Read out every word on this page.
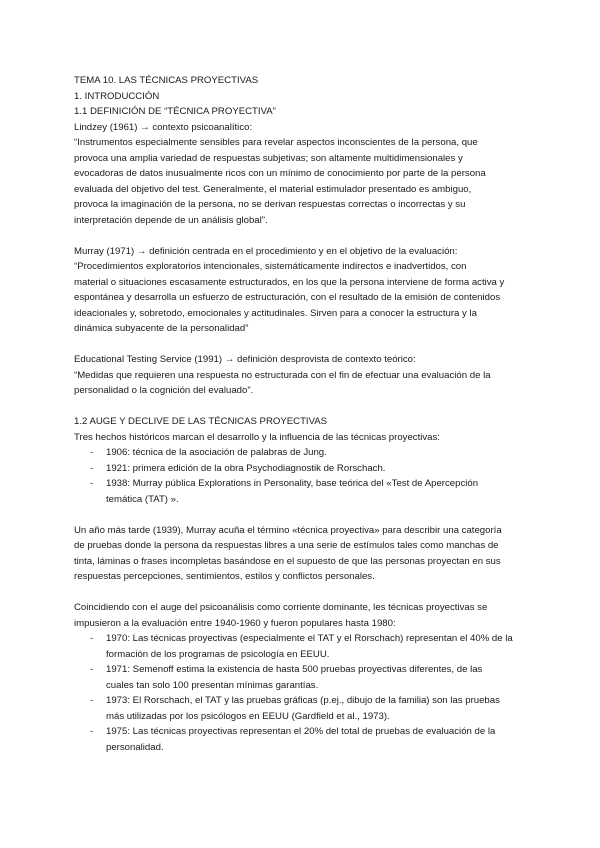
TEMA 10. LAS TÉCNICAS PROYECTIVAS
1. INTRODUCCIÓN
1.1 DEFINICIÓN DE “TÉCNICA PROYECTIVA”
Lindzey (1961) → contexto psicoanalítico:
“Instrumentos especialmente sensibles para revelar aspectos inconscientes de la persona, que
provoca una amplia variedad de respuestas subjetivas; son altamente multidimensionales y
evocadoras de datos inusualmente ricos con un mínimo de conocimiento por parte de la persona
evaluada del objetivo del test. Generalmente, el material estimulador presentado es ambiguo,
provoca la imaginación de la persona, no se derivan respuestas correctas o incorrectas y su
interpretación depende de un análisis global”.
Murray (1971) → definición centrada en el procedimiento y en el objetivo de la evaluación:
“Procedimientos exploratorios intencionales, sistemáticamente indirectos e inadvertidos, con
material o situaciones escasamente estructurados, en los que la persona interviene de forma activa y
espontánea y desarrolla un esfuerzo de estructuración, con el resultado de la emisión de contenidos
ideacionales y, sobretodo, emocionales y actitudinales. Sirven para a conocer la estructura y la
dinámica subyacente de la personalidad”
Educational Testing Service (1991) → definición desprovista de contexto teórico:
“Medidas que requieren una respuesta no estructurada con el fin de efectuar una evaluación de la
personalidad o la cognición del evaluado”.
1.2 AUGE Y DECLIVE DE LAS TÉCNICAS PROYECTIVAS
Tres hechos históricos marcan el desarrollo y la influencia de las técnicas proyectivas:
- 1906: técnica de la asociación de palabras de Jung.
- 1921: primera edición de la obra Psychodiagnostik de Rorschach.
- 1938: Murray pública Explorations in Personality, base teórica del «Test de Apercepción
temática (TAT) ».
Un año más tarde (1939), Murray acuña el término «técnica proyectiva» para describir una categoría
de pruebas donde la persona da respuestas libres a una serie de estímulos tales como manchas de
tinta, láminas o frases incompletas basándose en el supuesto de que las personas proyectan en sus
respuestas percepciones, sentimientos, estilos y conflictos personales.
Coincidiendo con el auge del psicoanálisis como corriente dominante, les técnicas proyectivas se
impusieron a la evaluación entre 1940-1960 y fueron populares hasta 1980:
- 1970: Las técnicas proyectivas (especialmente el TAT y el Rorschach) representan el 40% de la
formación de los programas de psicología en EEUU.
- 1971: Semenoff estima la existencia de hasta 500 pruebas proyectivas diferentes, de las
cuales tan solo 100 presentan mínimas garantías.
- 1973: El Rorschach, el TAT y las pruebas gráficas (p.ej., dibujo de la familia) son las pruebas
más utilizadas por los psicólogos en EEUU (Gardfield et al., 1973).
- 1975: Las técnicas proyectivas representan el 20% del total de pruebas de evaluación de la
personalidad.
